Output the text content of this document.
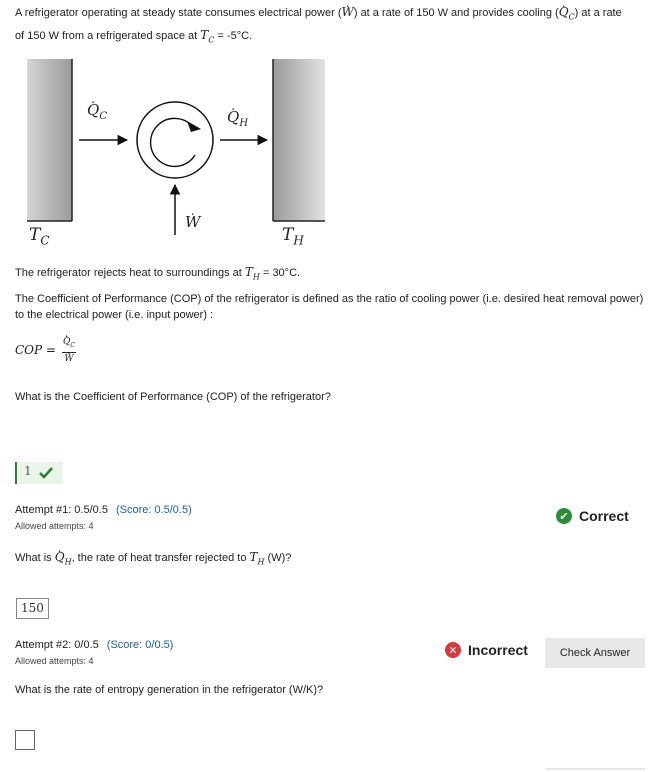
A refrigerator operating at steady state consumes electrical power (. W) at a rate of 150 W and provides cooling (. $Q_C$) at a rate
of 150 W from a refrigerated space at $T_C = -5^\circ C$.
. $Q_C$	. $Q_H$
. W
$T_C$	$T_H$
The refrigerator rejects heat to surroundings at $T_H = 30^\circ C$.
The Coefficient of Performance (COP) of the refrigerator is defined as the ratio of cooling power (i.e. desired heat removal power) to the electrical power (i.e. input power) :
COP = . $Q_C$
. W
What is the Coefficient of Performance (COP) of the refrigerator?
1
Attempt #1: 0.5/0.5 (Score: 0.5/0.5)
Allowed attempts: 4
✔ Correct
What is . $Q_H$, the rate of heat transfer rejected to $T_H$ (W)?
150
Attempt #2: 0/0.5 (Score: 0/0.5)
Allowed attempts: 4
✕ Incorrect	Check Answer
What is the rate of entropy generation in the refrigerator (W/K)?
